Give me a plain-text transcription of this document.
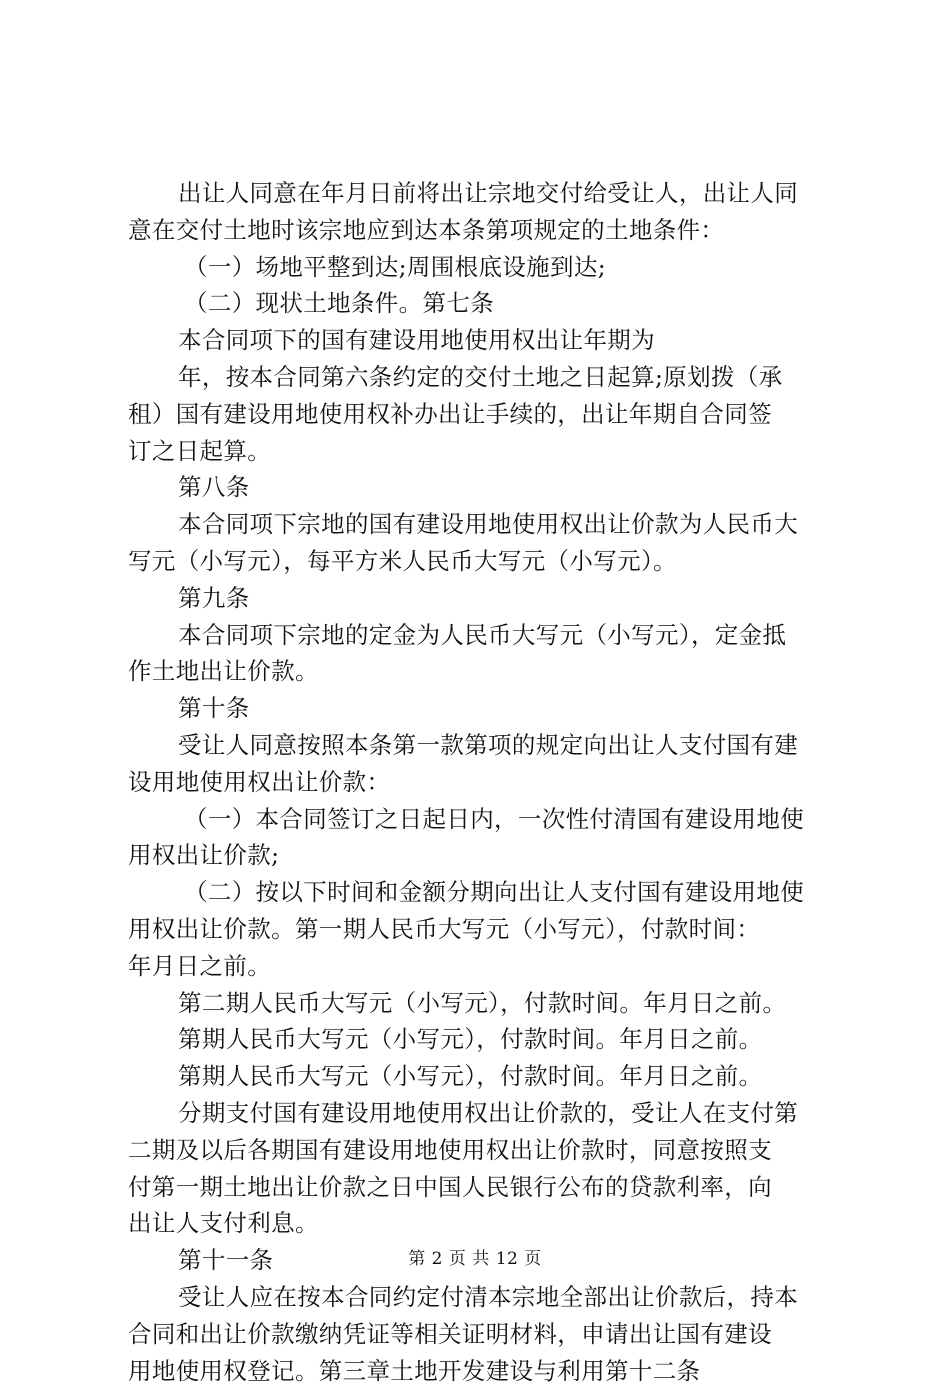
出让人同意在年月日前将出让宗地交付给受让人，出让人同
意在交付土地时该宗地应到达本条第项规定的土地条件：
（一）场地平整到达;周围根底设施到达;
（二）现状土地条件。第七条
本合同项下的国有建设用地使用权出让年期为
年，按本合同第六条约定的交付土地之日起算;原划拨（承
租）国有建设用地使用权补办出让手续的，出让年期自合同签
订之日起算。
第八条
本合同项下宗地的国有建设用地使用权出让价款为人民币大
写元（小写元），每平方米人民币大写元（小写元）。
第九条
本合同项下宗地的定金为人民币大写元（小写元），定金抵
作土地出让价款。
第十条
受让人同意按照本条第一款第项的规定向出让人支付国有建
设用地使用权出让价款：
（一）本合同签订之日起日内，一次性付清国有建设用地使
用权出让价款;
（二）按以下时间和金额分期向出让人支付国有建设用地使
用权出让价款。第一期人民币大写元（小写元），付款时间：
年月日之前。
第二期人民币大写元（小写元），付款时间。年月日之前。
第期人民币大写元（小写元），付款时间。年月日之前。
第期人民币大写元（小写元），付款时间。年月日之前。
分期支付国有建设用地使用权出让价款的，受让人在支付第
二期及以后各期国有建设用地使用权出让价款时，同意按照支
付第一期土地出让价款之日中国人民银行公布的贷款利率，向
出让人支付利息。
第十一条
受让人应在按本合同约定付清本宗地全部出让价款后，持本
合同和出让价款缴纳凭证等相关证明材料，申请出让国有建设
用地使用权登记。第三章土地开发建设与利用第十二条
第 2 页 共 12 页
